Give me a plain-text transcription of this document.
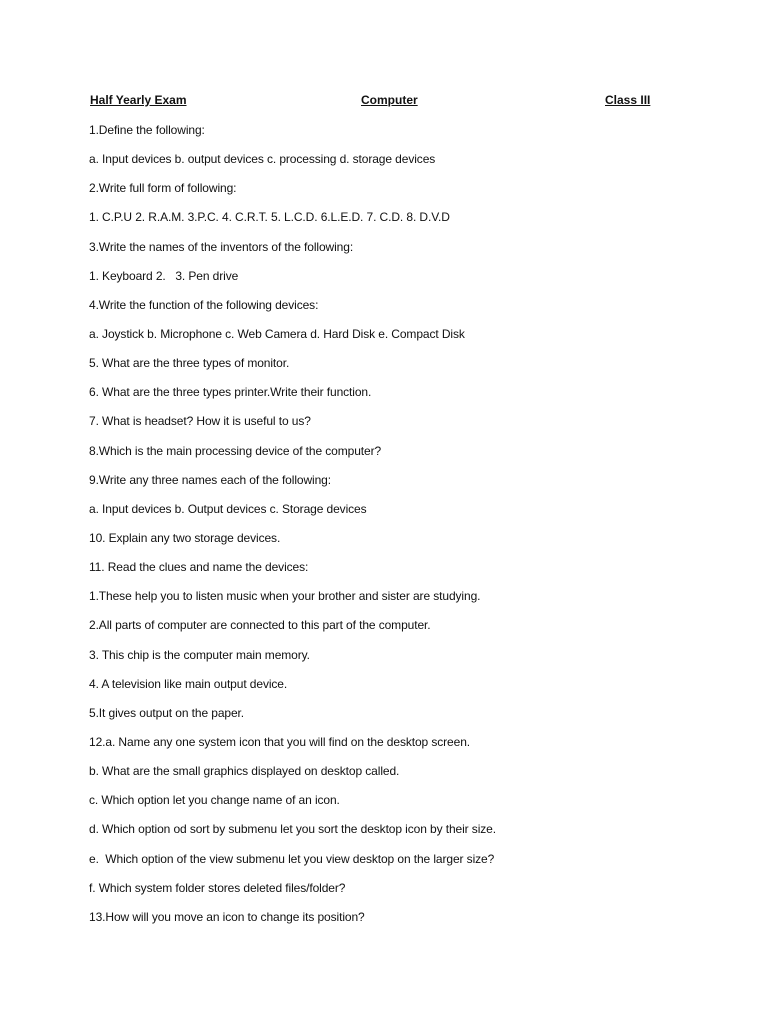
Half Yearly Exam	Computer	Class III
1.Define the following:
a. Input devices b. output devices c. processing d. storage devices
2.Write full form of following:
1. C.P.U 2. R.A.M. 3.P.C. 4. C.R.T. 5. L.C.D. 6.L.E.D. 7. C.D. 8. D.V.D
3.Write the names of the inventors of the following:
1. Keyboard 2.   3. Pen drive
4.Write the function of the following devices:
a. Joystick b. Microphone c. Web Camera d. Hard Disk e. Compact Disk
5. What are the three types of monitor.
6. What are the three types printer.Write their function.
7. What is headset? How it is useful to us?
8.Which is the main processing device of the computer?
9.Write any three names each of the following:
a. Input devices b. Output devices c. Storage devices
10. Explain any two storage devices.
11. Read the clues and name the devices:
1.These help you to listen music when your brother and sister are studying.
2.All parts of computer are connected to this part of the computer.
3. This chip is the computer main memory.
4. A television like main output device.
5.It gives output on the paper.
12.a. Name any one system icon that you will find on the desktop screen.
b. What are the small graphics displayed on desktop called.
c. Which option let you change name of an icon.
d. Which option od sort by submenu let you sort the desktop icon by their size.
e.  Which option of the view submenu let you view desktop on the larger size?
f. Which system folder stores deleted files/folder?
13.How will you move an icon to change its position?
